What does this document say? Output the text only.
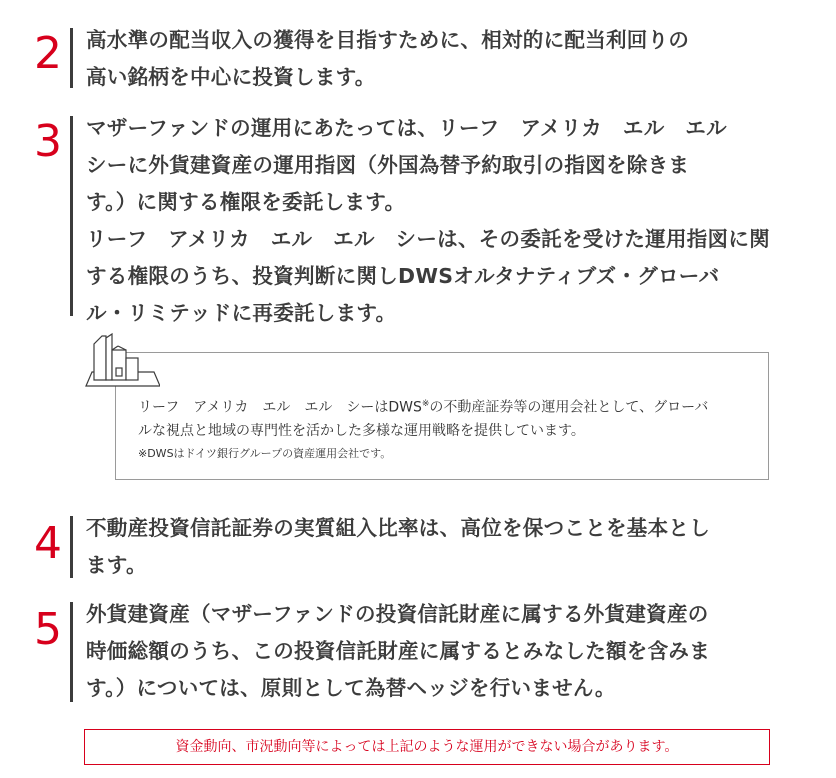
2 高水準の配当収入の獲得を目指すために、相対的に配当利回りの

高い銘柄を中心に投資します。

3 マザーファンドの運用にあたっては、リーフ　アメリカ　エル　エル

シーに外貨建資産の運用指図（外国為替予約取引の指図を除きま

す。）に関する権限を委託します。

リーフ　アメリカ　エル　エル　シーは、その委託を受けた運用指図に関

する権限のうち、投資判断に関しDWSオルタナティブズ・グローバ

ル・リミテッドに再委託します。

リーフ　アメリカ　エル　エル　シーはDWS※の不動産証券等の運用会社として、グローバ
ルな視点と地域の専門性を活かした多様な運用戦略を提供しています。
※DWSはドイツ銀行グループの資産運用会社です。
4 不動産投資信託証券の実質組入比率は、高位を保つことを基本とし

ます。

5 外貨建資産（マザーファンドの投資信託財産に属する外貨建資産の

時価総額のうち、この投資信託財産に属するとみなした額を含みま

す。）については、原則として為替ヘッジを行いません。

資金動向、市況動向等によっては上記のような運用ができない場合があります。
